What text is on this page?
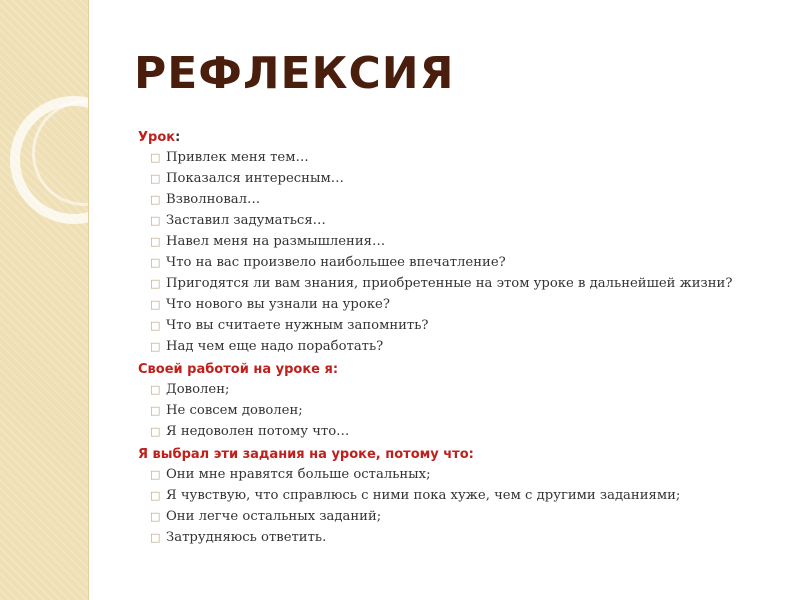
РЕФЛЕКСИЯ

Урок:

□ Привлек меня тем…
□ Показался интересным…
□ Взволновал…
□ Заставил задуматься…
□ Навел меня на размышления…
□ Что на вас произвело наибольшее впечатление?
□ Пригодятся ли вам знания, приобретенные на этом уроке в дальнейшей жизни?
□ Что нового вы узнали на уроке?
□ Что вы считаете нужным запомнить?
□ Над чем еще надо поработать?

Своей работой на уроке я:

□ Доволен;
□ Не совсем доволен;
□ Я недоволен потому что…

Я выбрал эти задания на уроке, потому что:

□ Они мне нравятся больше остальных;
□ Я чувствую, что справлюсь с ними пока хуже, чем с другими заданиями;
□ Они легче остальных заданий;
□ Затрудняюсь ответить.
